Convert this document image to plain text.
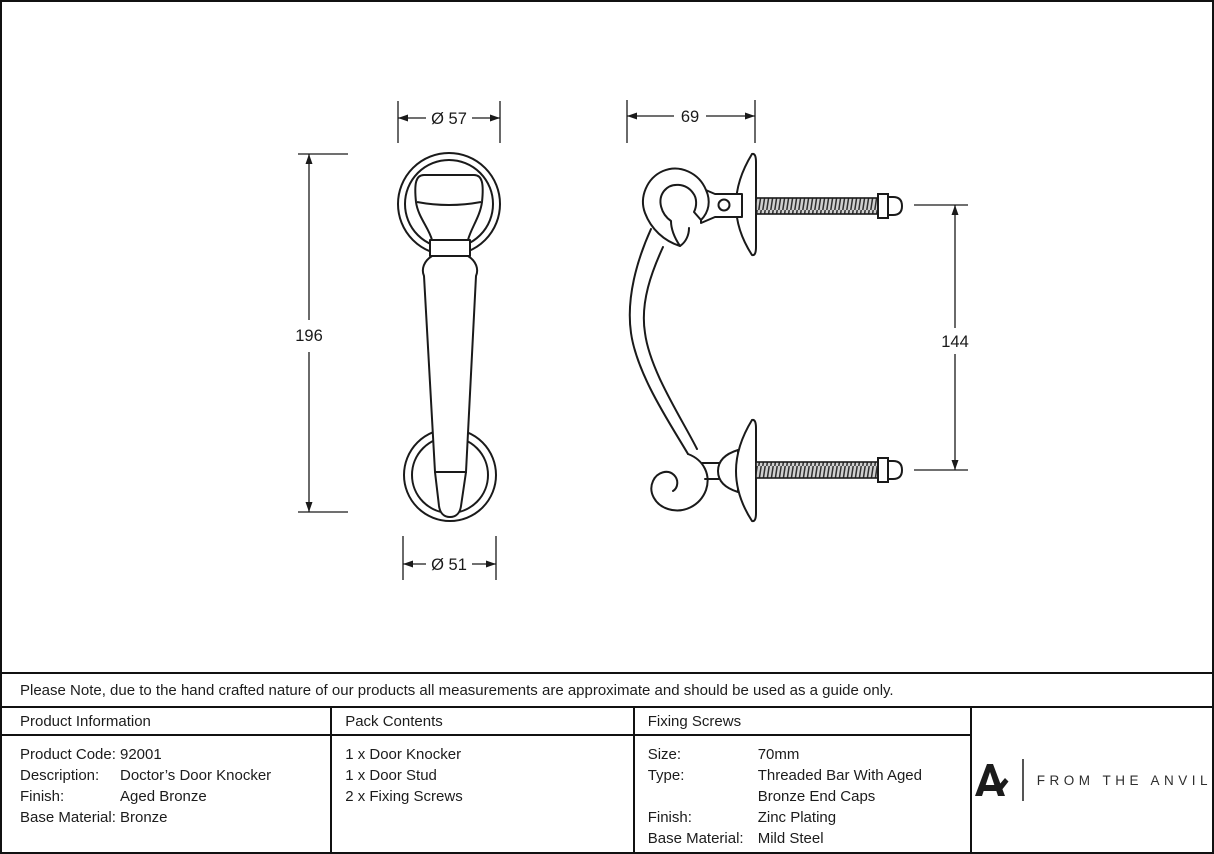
Ø 57
196
Ø 51
69
144
Please Note, due to the hand crafted nature of our products all measurements are approximate and should be used as a guide only.
Product Information
Product Code: 92001
Description:	Doctor’s Door Knocker
Finish:	Aged Bronze
Base Material: Bronze
Pack Contents
1 x Door Knocker
1 x Door Stud
2 x Fixing Screws
Fixing Screws
Size:	70mm
Type:	Threaded Bar With Aged Bronze End Caps
Finish:	Zinc Plating
Base Material: Mild Steel
FROM THE ANVIL
